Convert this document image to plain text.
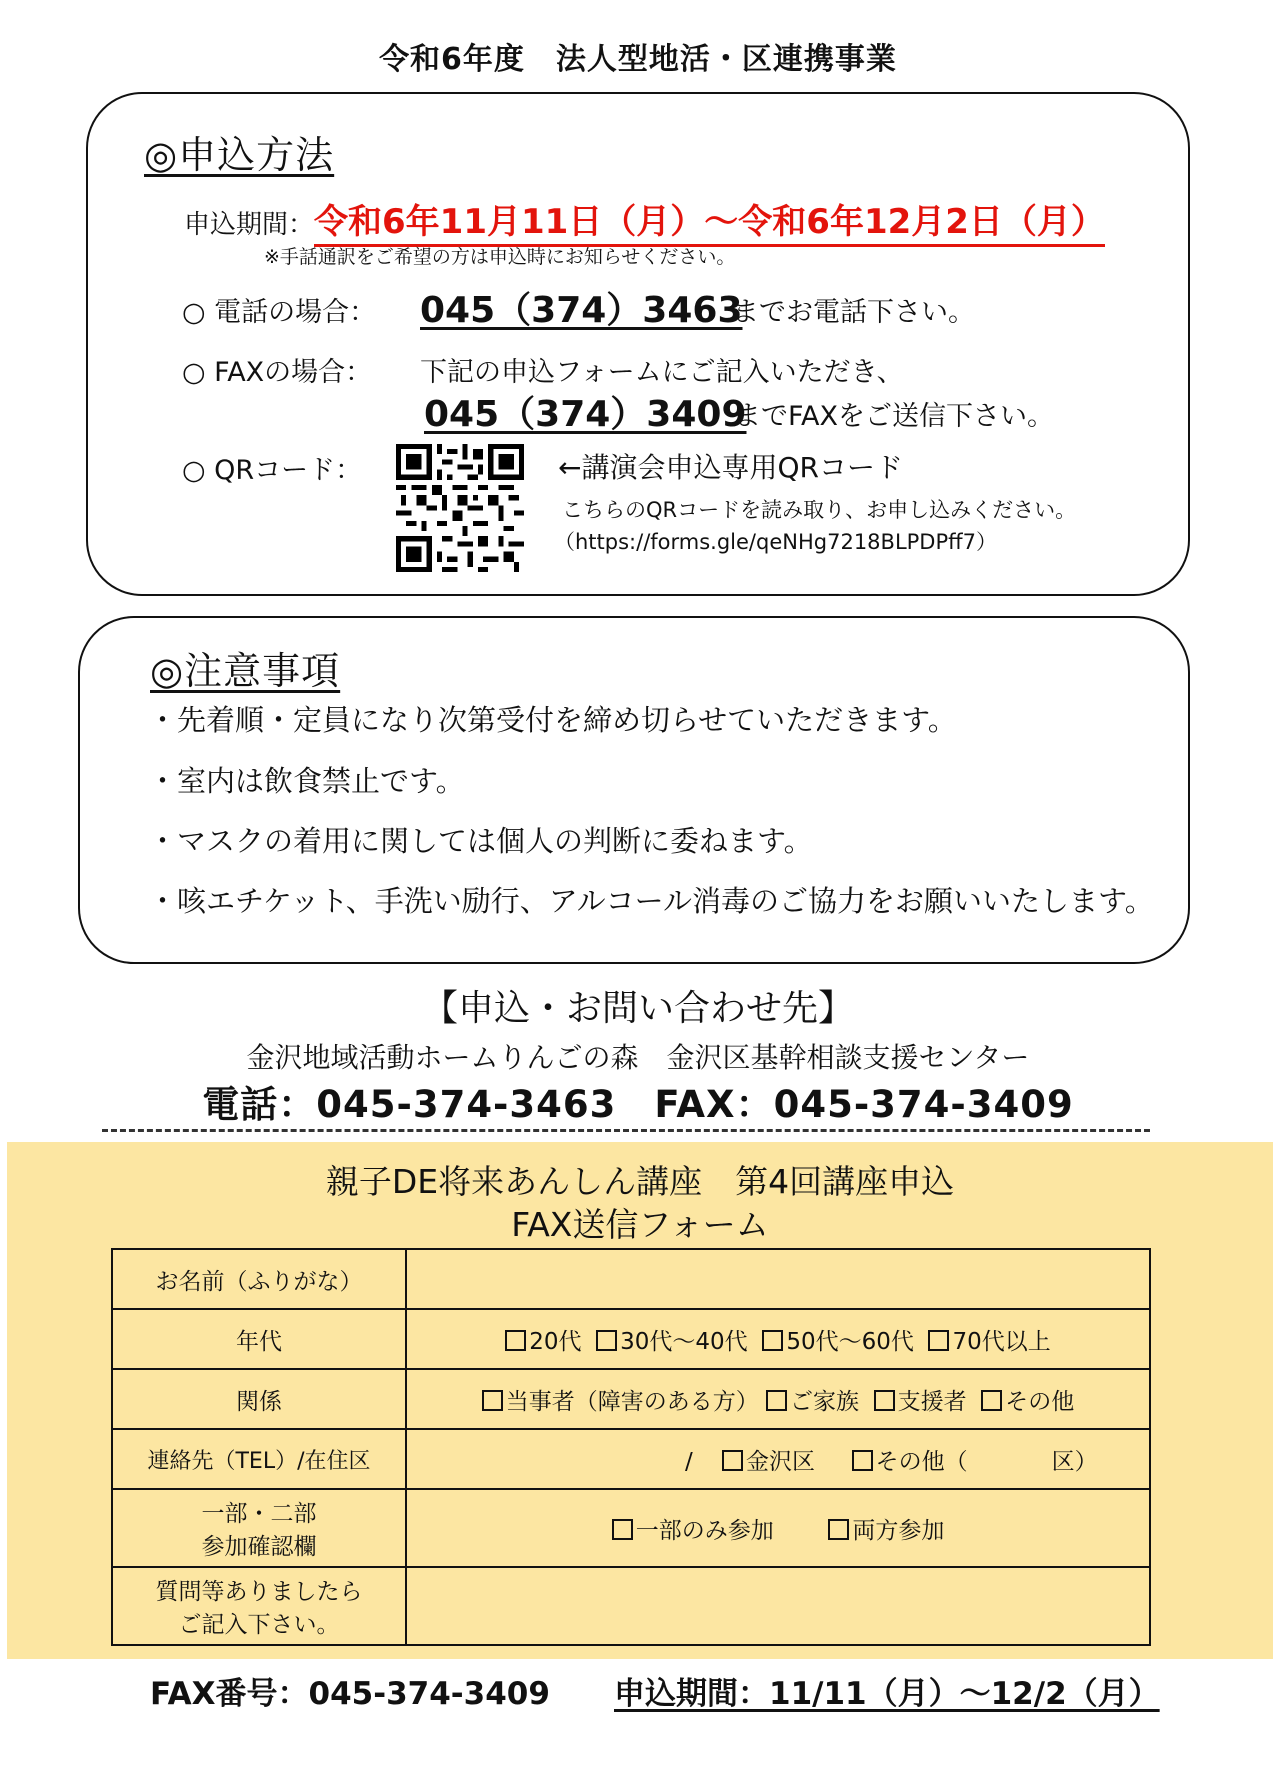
令和6年度　法人型地活・区連携事業
◎申込方法
申込期間：令和6年11月11日（月）～令和6年12月2日（月）
※手話通訳をご希望の方は申込時にお知らせください。
○ 電話の場合： 045（374）3463
までお電話下さい。
○ FAXの場合： 下記の申込フォームにご記入いただき、
045（374）3409
までFAXをご送信下さい。
○ QRコード：	←講演会申込専用QRコード
こちらのQRコードを読み取り、お申し込みください。
（https://forms.gle/qeNHg7218BLPDPff7）
◎注意事項
・先着順・定員になり次第受付を締め切らせていただきます。
・室内は飲食禁止です。
・マスクの着用に関しては個人の判断に委ねます。
・咳エチケット、手洗い励行、アルコール消毒のご協力をお願いいたします。
【申込・お問い合わせ先】
金沢地域活動ホームりんごの森　金沢区基幹相談支援センター
電話：045-374-3463　FAX：045-374-3409
親子DE将来あんしん講座　第4回講座申込
FAX送信フォーム
お名前（ふりがな）	
年代	20代 30代～40代 50代～60代 70代以上
関係	当事者（障害のある方） ご家族 支援者 その他
連絡先（TEL）/在住区	/ 金沢区 その他（ 区）

一部・二部
参加確認欄	一部のみ参加 両方参加

質問等ありましたら
ご記入下さい。	

FAX番号：045-374-3409 申込期間：11/11（月）～12/2（月）
